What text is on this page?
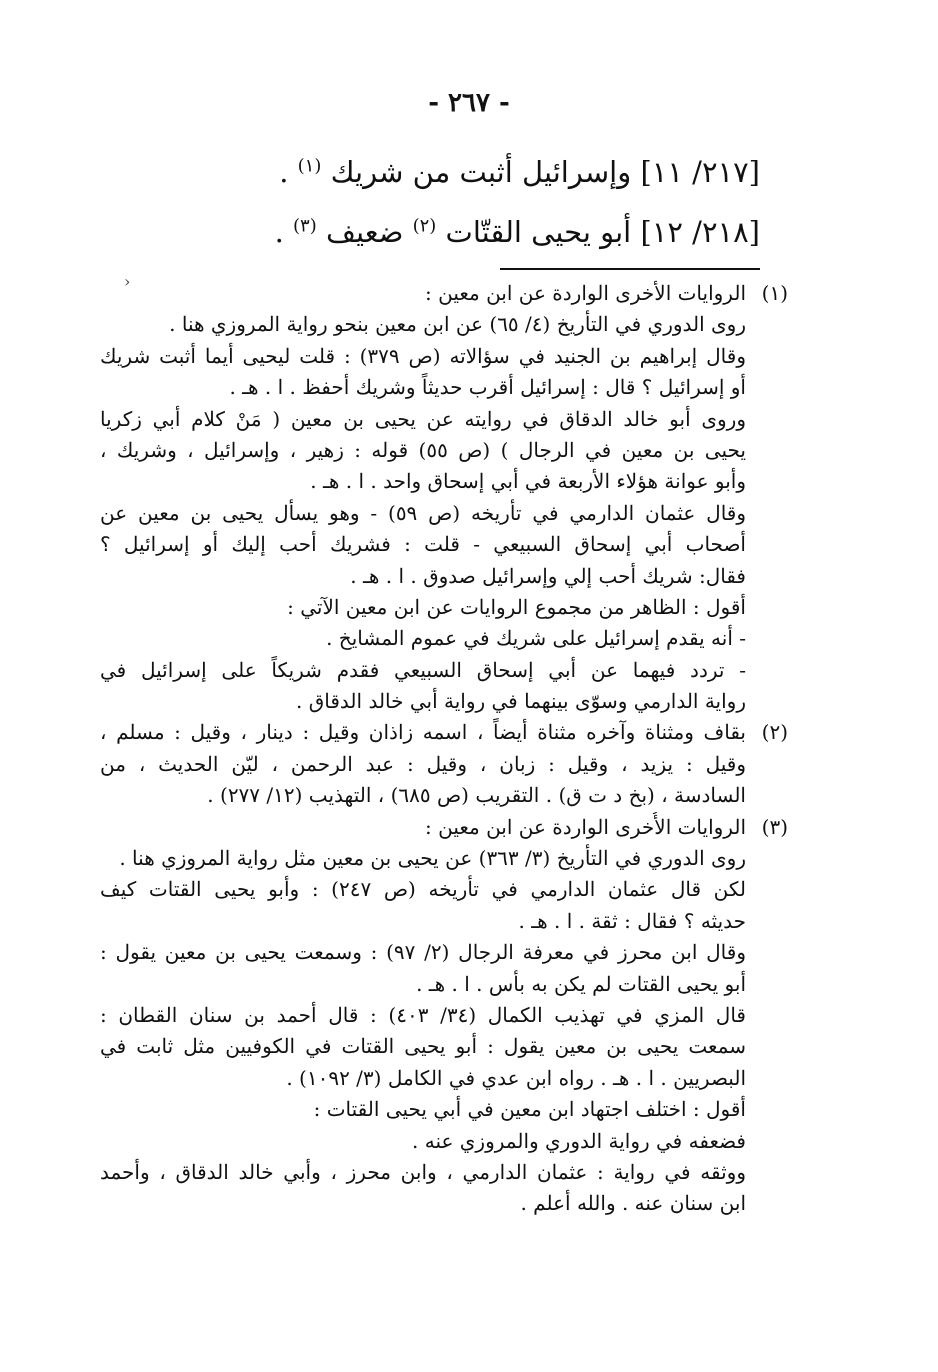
- ٢٦٧ -
[٢١٧/ ١١] وإسرائيل أثبت من شريك $^{(١)}$ .
[٢١٨/ ١٢] أبو يحيى القتّات $^{(٢)}$ ضعيف $^{(٣)}$ .
‹	(١)الروايات الأخرى الواردة عن ابن معين :
روى الدوري في التأريخ (٤/ ٦٥) عن ابن معين بنحو رواية المروزي هنا .
وقال إبراهيم بن الجنيد في سؤالاته (ص ٣٧٩) : قلت ليحيى أيما أثبت شريك
أو إسرائيل ؟ قال : إسرائيل أقرب حديثاً وشريك أحفظ . ا . هـ .
وروى أبو خالد الدقاق في روايته عن يحيى بن معين ( مَنْ كلام أبي زكريا
يحيى بن معين في الرجال ) (ص ٥٥) قوله : زهير ، وإسرائيل ، وشريك ،
وأبو عوانة هؤلاء الأربعة في أبي إسحاق واحد . ا . هـ .
وقال عثمان الدارمي في تأريخه (ص ٥٩) - وهو يسأل يحيى بن معين عن
أصحاب أبي إسحاق السبيعي - قلت : فشريك أحب إليك أو إسرائيل ؟
فقال: شريك أحب إلي وإسرائيل صدوق . ا . هـ .
أقول : الظاهر من مجموع الروايات عن ابن معين الآتي :
- أنه يقدم إسرائيل على شريك في عموم المشايخ .
- تردد فيهما عن أبي إسحاق السبيعي فقدم شريكاً على إسرائيل في
رواية الدارمي وسوّى بينهما في رواية أبي خالد الدقاق .
(٢)بقاف ومثناة وآخره مثناة أيضاً ، اسمه زاذان وقيل : دينار ، وقيل : مسلم ،
وقيل : يزيد ، وقيل : زبان ، وقيل : عبد الرحمن ، ليّن الحديث ، من
السادسة ، (بخ د ت ق) . التقريب (ص ٦٨٥) ، التهذيب (١٢/ ٢٧٧) .
(٣)الروايات الأُخرى الواردة عن ابن معين :
روى الدوري في التأريخ (٣/ ٣٦٣) عن يحيى بن معين مثل رواية المروزي هنا .
لكن قال عثمان الدارمي في تأريخه (ص ٢٤٧) : وأبو يحيى القتات كيف
حديثه ؟ فقال : ثقة . ا . هـ .
وقال ابن محرز في معرفة الرجال (٢/ ٩٧) : وسمعت يحيى بن معين يقول :
أبو يحيى القتات لم يكن به بأس . ا . هـ .
قال المزي في تهذيب الكمال (٣٤/ ٤٠٣) : قال أحمد بن سنان القطان :
سمعت يحيى بن معين يقول : أبو يحيى القتات في الكوفيين مثل ثابت في
البصريين . ا . هـ . رواه ابن عدي في الكامل (٣/ ١٠٩٢) .
أقول : اختلف اجتهاد ابن معين في أبي يحيى القتات :
فضعفه في رواية الدوري والمروزي عنه .
ووثقه في رواية : عثمان الدارمي ، وابن محرز ، وأبي خالد الدقاق ، وأحمد
ابن سنان عنه . والله أعلم .
